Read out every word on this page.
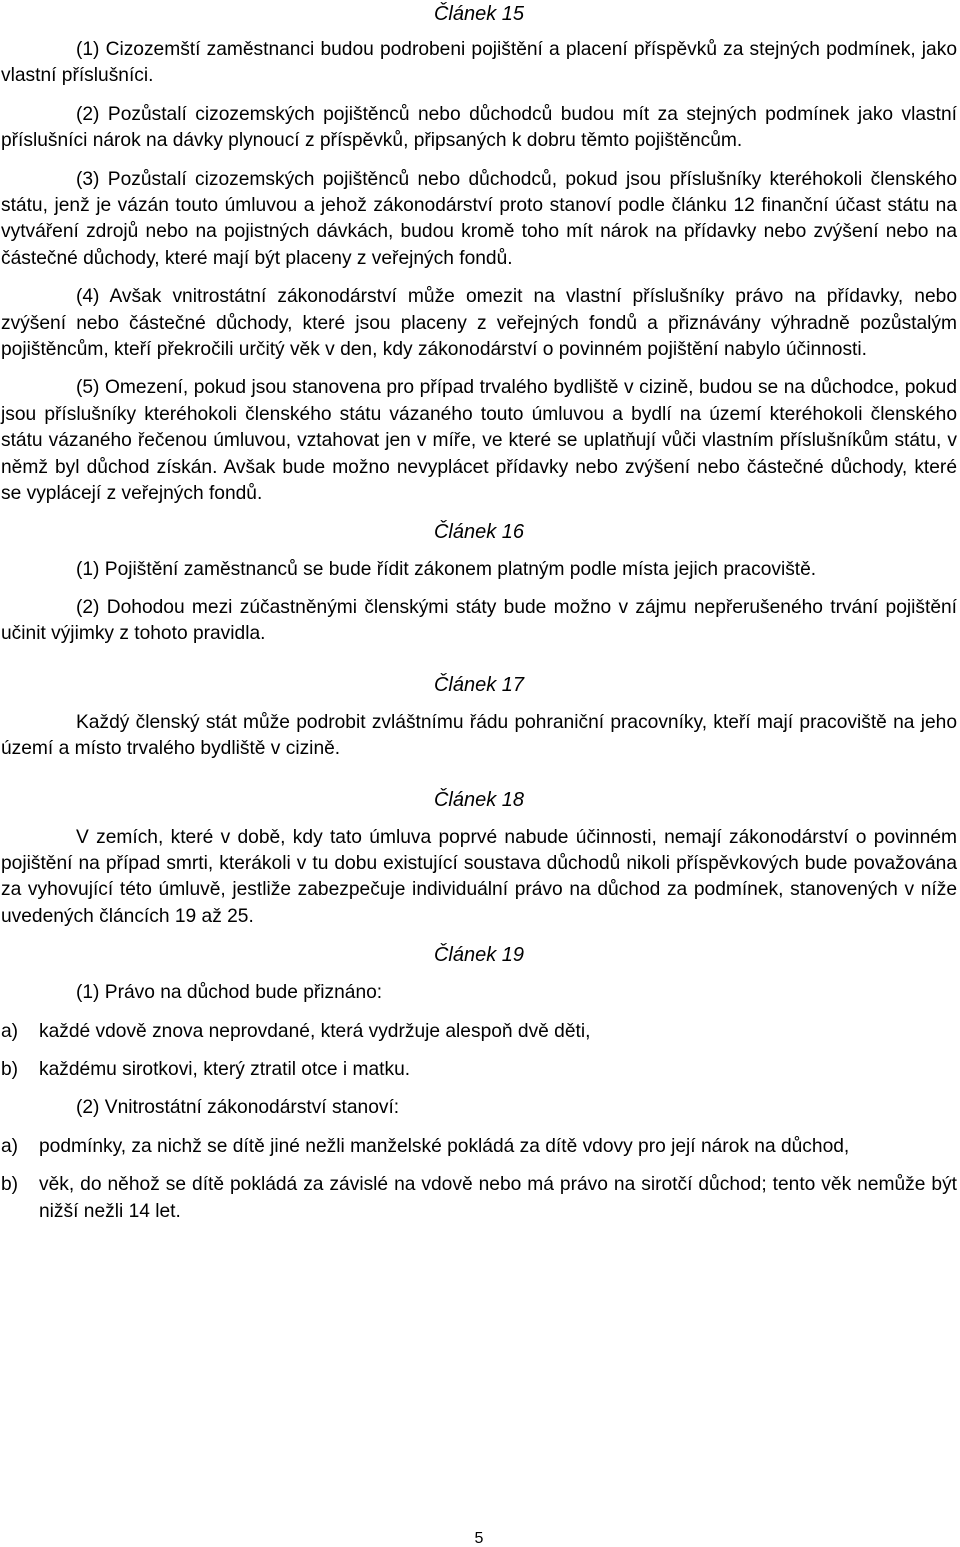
Článek 15

(1) Cizozemští zaměstnanci budou podrobeni pojištění a placení příspěvků za stejných podmínek, jako vlastní příslušníci.

(2) Pozůstalí cizozemských pojištěnců nebo důchodců budou mít za stejných podmínek jako vlastní příslušníci nárok na dávky plynoucí z příspěvků, připsaných k dobru těmto pojištěncům.

(3) Pozůstalí cizozemských pojištěnců nebo důchodců, pokud jsou příslušníky kteréhokoli členského státu, jenž je vázán touto úmluvou a jehož zákonodárství proto stanoví podle článku 12 finanční účast státu na vytváření zdrojů nebo na pojistných dávkách, budou kromě toho mít nárok na přídavky nebo zvýšení nebo na částečné důchody, které mají být placeny z veřejných fondů.

(4) Avšak vnitrostátní zákonodárství může omezit na vlastní příslušníky právo na přídavky, nebo zvýšení nebo částečné důchody, které jsou placeny z veřejných fondů a přiznávány výhradně pozůstalým pojištěncům, kteří překročili určitý věk v den, kdy zákonodárství o povinném pojištění nabylo účinnosti.

(5) Omezení, pokud jsou stanovena pro případ trvalého bydliště v cizině, budou se na důchodce, pokud jsou příslušníky kteréhokoli členského státu vázaného touto úmluvou a bydlí na území kteréhokoli členského státu vázaného řečenou úmluvou, vztahovat jen v míře, ve které se uplatňují vůči vlastním příslušníkům státu, v němž byl důchod získán. Avšak bude možno nevyplácet přídavky nebo zvýšení nebo částečné důchody, které se vyplácejí z veřejných fondů.

Článek 16

(1) Pojištění zaměstnanců se bude řídit zákonem platným podle místa jejich pracoviště.

(2) Dohodou mezi zúčastněnými členskými státy bude možno v zájmu nepřerušeného trvání pojištění učinit výjimky z tohoto pravidla.

Článek 17

Každý členský stát může podrobit zvláštnímu řádu pohraniční pracovníky, kteří mají pracoviště na jeho území a místo trvalého bydliště v cizině.

Článek 18

V zemích, které v době, kdy tato úmluva poprvé nabude účinnosti, nemají zákonodárství o povinném pojištění na případ smrti, kterákoli v tu dobu existující soustava důchodů nikoli příspěvkových bude považována za vyhovující této úmluvě, jestliže zabezpečuje individuální právo na důchod za podmínek, stanovených v níže uvedených článcích 19 až 25.

Článek 19

(1) Právo na důchod bude přiznáno:

a)	každé vdově znova neprovdané, která vydržuje alespoň dvě děti,
b)	každému sirotkovi, který ztratil otce i matku.

(2) Vnitrostátní zákonodárství stanoví:

a)	podmínky, za nichž se dítě jiné nežli manželské pokládá za dítě vdovy pro její nárok na důchod,
b)	věk, do něhož se dítě pokládá za závislé na vdově nebo má právo na sirotčí důchod; tento věk nemůže být nižší nežli 14 let.
5
